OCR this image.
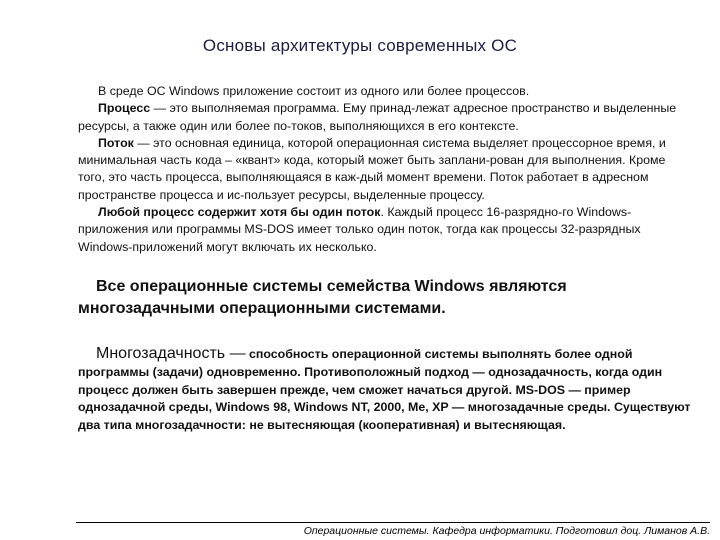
Основы архитектуры современных ОС

В среде ОС Windows приложение состоит из одного или более процессов.

Процесс — это выполняемая программа. Ему принад-лежат адресное пространство и выделенные ресурсы, а также один или более по-токов, выполняющихся в его контексте.

Поток — это основная единица, которой операционная система выделяет процессорное время, и минимальная часть кода – «квант» кода, который может быть заплани-рован для выполнения. Кроме того, это часть процесса, выполняющаяся в каж-дый момент времени. Поток работает в адресном пространстве процесса и ис-пользует ресурсы, выделенные процессу.

Любой процесс содержит хотя бы один поток. Каждый процесс 16-разрядно-го Windows-приложения или программы MS-DOS имеет только один поток, тогда как процессы 32-разрядных Windows-приложений могут включать их несколько.

Все операционные системы семейства Windows являются многозадачными операционными системами.
Многозадачность — способность операционной системы выполнять более одной программы (задачи) одновременно. Противоположный подход — однозадачность, когда один процесс должен быть завершен прежде, чем сможет начаться другой. MS-DOS — пример однозадачной среды, Windows 98, Windows NT, 2000, Me, XP — многозадачные среды. Существуют два типа многозадачности: не вытесняющая (кооперативная) и вытесняющая.
Операционные системы. Кафедра информатики. Подготовил доц. Лиманов А.В.
